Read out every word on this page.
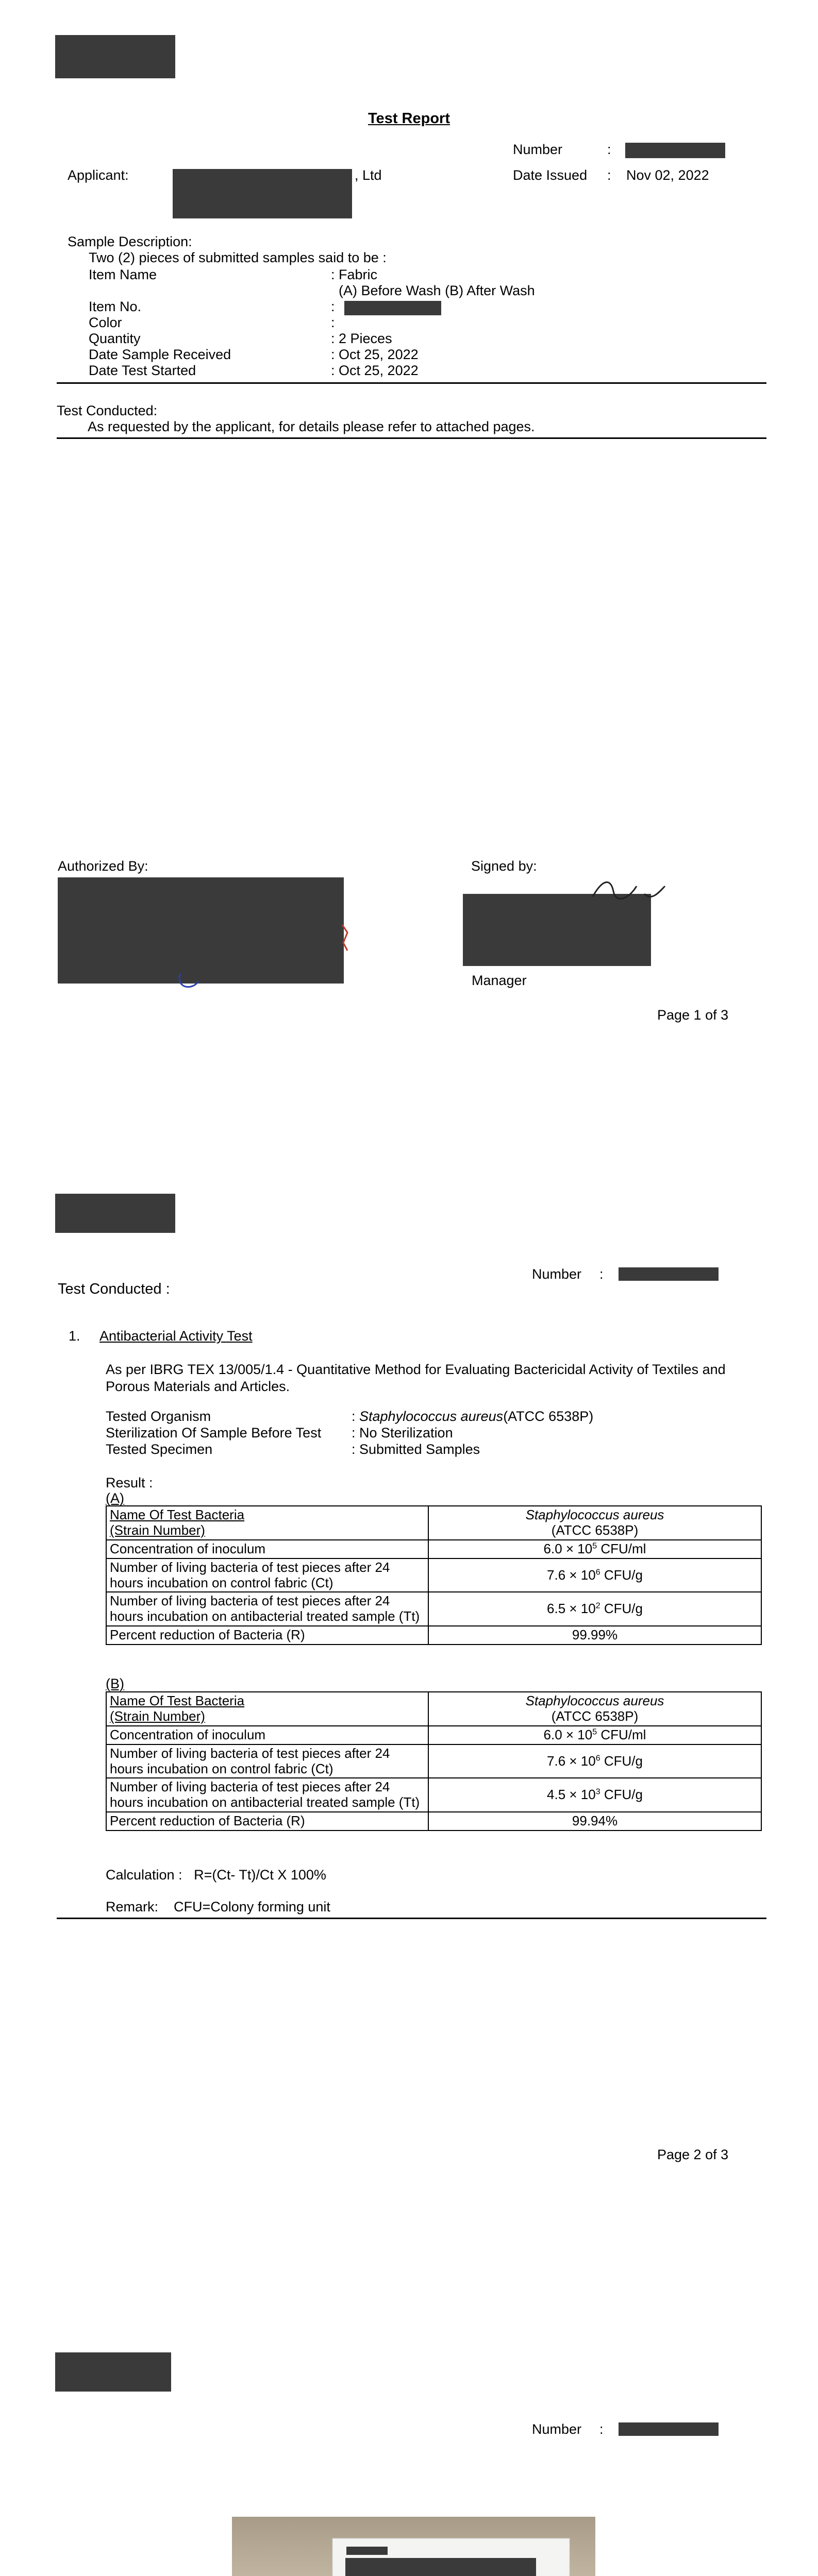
Test Report
Number	:
Applicant:	, Ltd	Date Issued : Nov 02, 2022
Sample Description:
Two (2) pieces of submitted samples said to be :
Item Name	: Fabric

(A) Before Wash (B) After Wash
Item No.	:
Color	:
Quantity	: 2 Pieces
Date Sample Received	: Oct 25, 2022
Date Test Started	: Oct 25, 2022
Test Conducted:
As requested by the applicant, for details please refer to attached pages.
Authorized By:	Signed by:
Manager
Page 1 of 3
Number :
Test Conducted :
1. Antibacterial Activity Test
As per IBRG TEX 13/005/1.4 - Quantitative Method for Evaluating Bactericidal Activity of Textiles and Porous Materials and Articles.
Tested Organism	: Staphylococcus aureus (ATCC 6538P)
Sterilization Of Sample Before Test	: No Sterilization
Tested Specimen	: Submitted Samples
Result :
(A)
Name Of Test Bacteria
(Strain Number)	Staphylococcus aureus
(ATCC 6538P)
Concentration of inoculum	$6.0 \times 10^5$ CFU/ml
Number of living bacteria of test pieces after 24 hours incubation on control fabric (Ct)	$7.6 \times 10^6$ CFU/g
Number of living bacteria of test pieces after 24 hours incubation on antibacterial treated sample (Tt)	$6.5 \times 10^2$ CFU/g
Percent reduction of Bacteria (R)	99.99%
(B)
Name Of Test Bacteria
(Strain Number)	Staphylococcus aureus
(ATCC 6538P)
Concentration of inoculum	$6.0 \times 10^5$ CFU/ml
Number of living bacteria of test pieces after 24 hours incubation on control fabric (Ct)	$7.6 \times 10^6$ CFU/g
Number of living bacteria of test pieces after 24 hours incubation on antibacterial treated sample (Tt)	$4.5 \times 10^3$ CFU/g
Percent reduction of Bacteria (R)	99.94%
Calculation :   R=(Ct- Tt)/Ct X 100%
Remark:    CFU=Colony forming unit
Page 2 of 3
Number :
